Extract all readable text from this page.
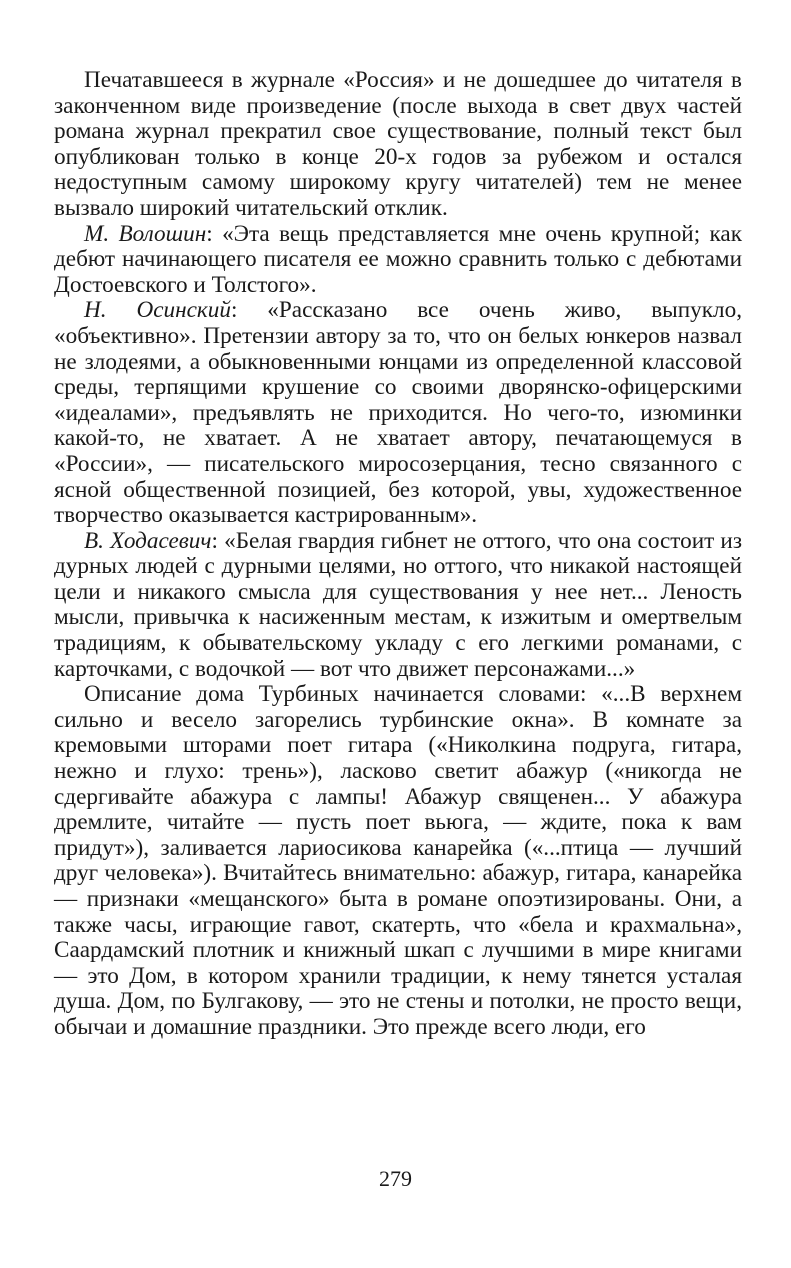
Печатавшееся в журнале «Россия» и не дошедшее до читателя в законченном виде произведение (после выхода в свет двух частей романа журнал прекратил свое существование, полный текст был опубликован только в конце 20-х годов за рубежом и остался недоступным самому широкому кругу читателей) тем не менее вызвало широкий читательский отклик.

М. Волошин: «Эта вещь представляется мне очень крупной; как дебют начинающего писателя ее можно сравнить только с дебютами Достоевского и Толстого».

Н. Осинский: «Рассказано все очень живо, выпукло, «объективно». Претензии автору за то, что он белых юнкеров назвал не злодеями, а обыкновенными юнцами из определенной классовой среды, терпящими крушение со своими дворянско-офицерскими «идеалами», предъявлять не приходится. Но чего-то, изюминки какой-то, не хватает. А не хватает автору, печатающемуся в «России», — писательского миросозерцания, тесно связанного с ясной общественной позицией, без которой, увы, художественное творчество оказывается кастрированным».

В. Ходасевич: «Белая гвардия гибнет не оттого, что она состоит из дурных людей с дурными целями, но оттого, что никакой настоящей цели и никакого смысла для существования у нее нет... Леность мысли, привычка к насиженным местам, к изжитым и омертвелым традициям, к обывательскому укладу с его легкими романами, с карточками, с водочкой — вот что движет персонажами...»

Описание дома Турбиных начинается словами: «...В верхнем сильно и весело загорелись турбинские окна». В комнате за кремовыми шторами поет гитара («Николкина подруга, гитара, нежно и глухо: трень»), ласково светит абажур («никогда не сдергивайте абажура с лампы! Абажур священен... У абажура дремлите, читайте — пусть поет вьюга, — ждите, пока к вам придут»), заливается лариосикова канарейка («...птица — лучший друг человека»). Вчитайтесь внимательно: абажур, гитара, канарейка — признаки «мещанского» быта в романе опоэтизированы. Они, а также часы, играющие гавот, скатерть, что «бела и крахмальна», Саардамский плотник и книжный шкап с лучшими в мире книгами — это Дом, в котором хранили традиции, к нему тянется усталая душа. Дом, по Булгакову, — это не стены и потолки, не просто вещи, обычаи и домашние праздники. Это прежде всего люди, его

279
